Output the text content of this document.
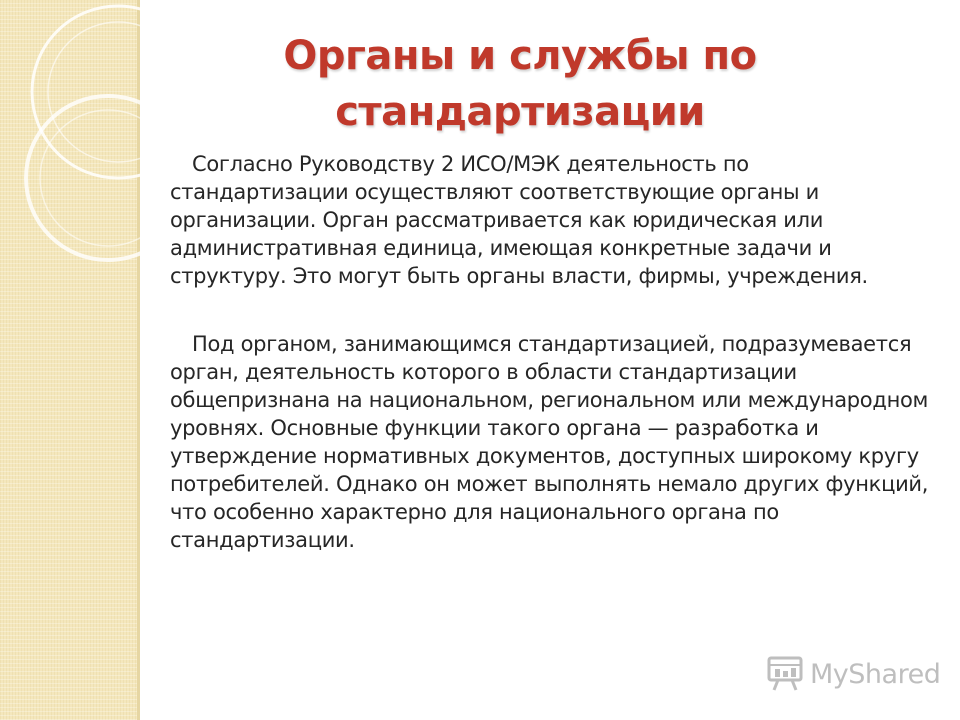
Органы и службы по стандартизации

Согласно Руководству 2 ИСО/МЭК деятельность по стандартизации осуществляют соответствующие органы и организации. Орган рассматривается как юридическая или административная единица, имеющая конкретные задачи и структуру. Это могут быть органы власти, фирмы, учреждения.

Под органом, занимающимся стандартизацией, подразумевается орган, деятельность которого в области стандартизации общепризнана на национальном, региональном или международном уровнях. Основные функции такого органа — разработка и утверждение нормативных документов, доступных широкому кругу потребителей. Однако он может выполнять немало других функций, что особенно характерно для национального органа по стандартизации.

MyShared
